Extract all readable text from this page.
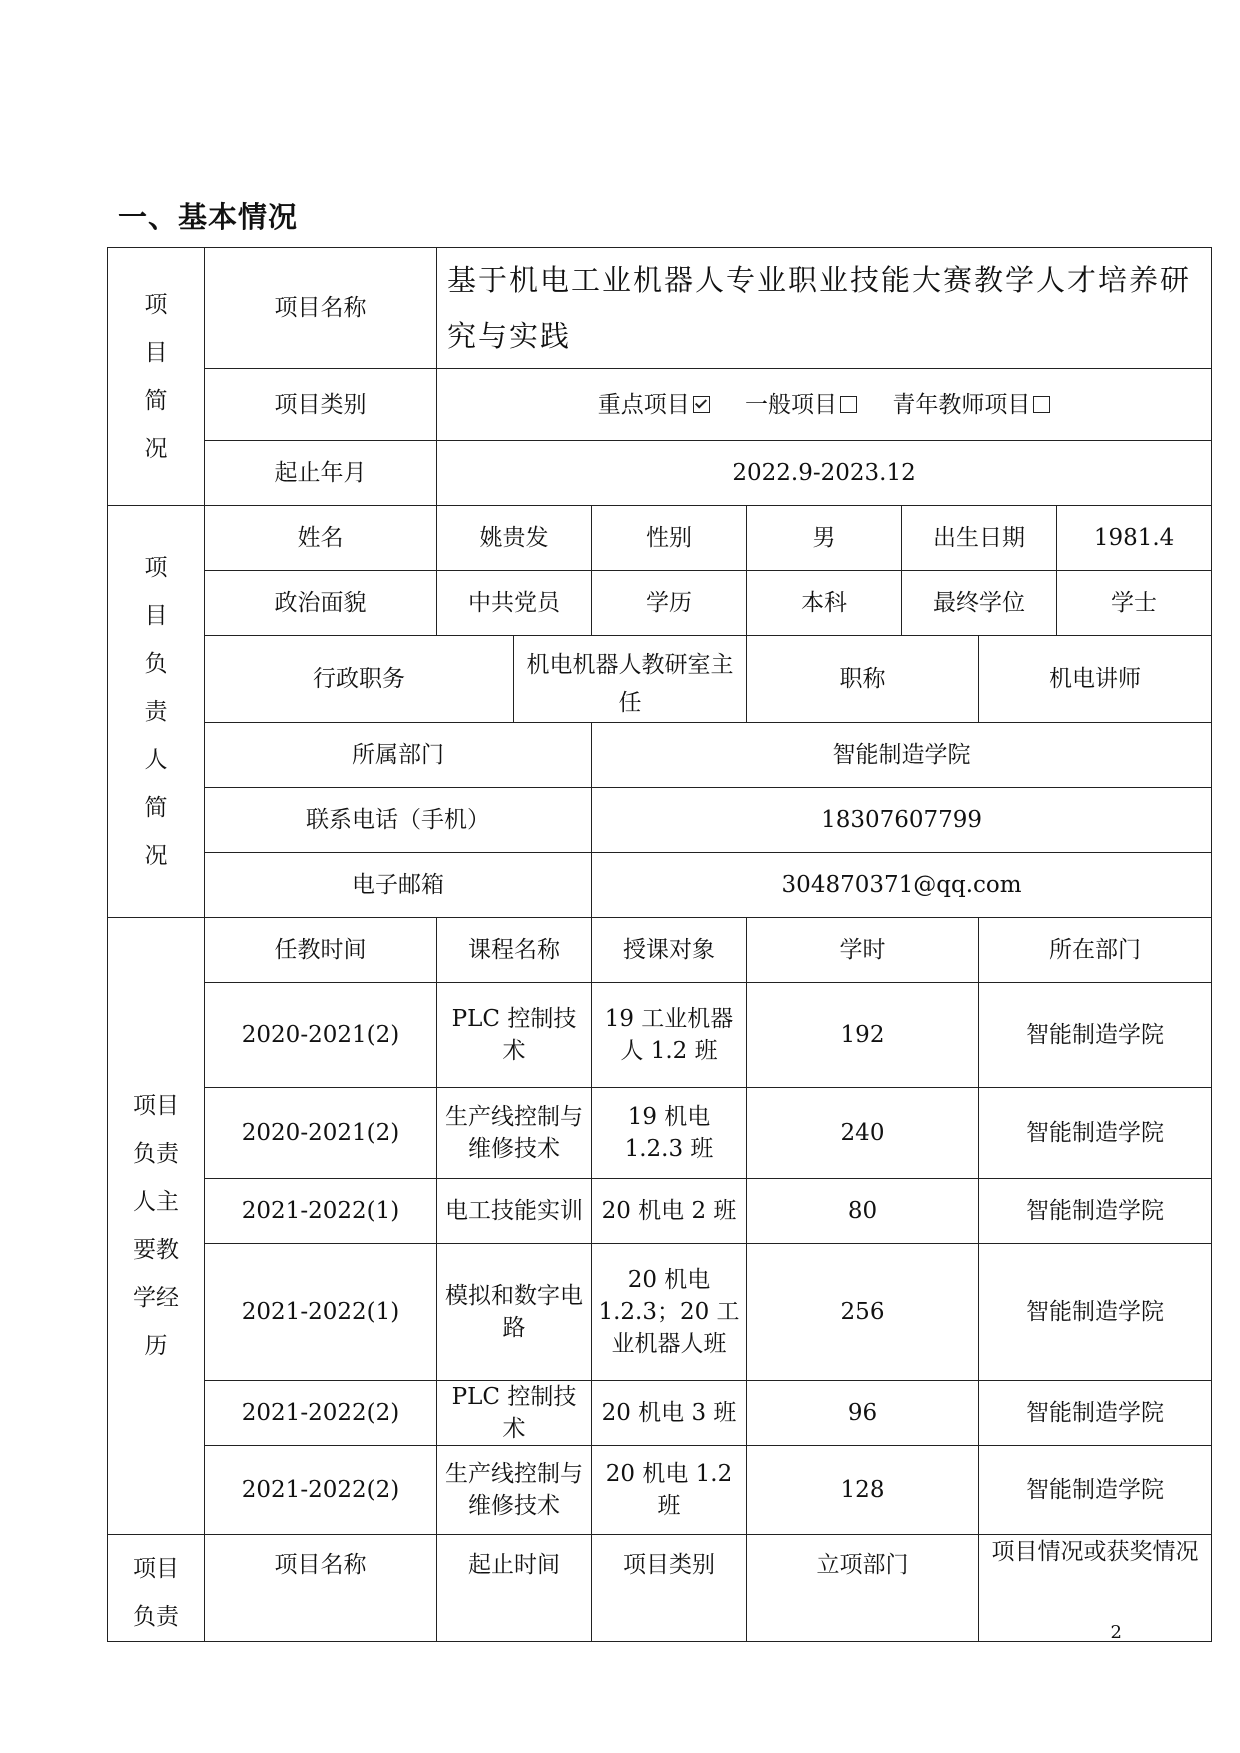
一、基本情况
项目简况	项目名称	基于机电工业机器人专业职业技能大赛教学人才培养研究与实践						
	项目类别	重点项目 一般项目 青年教师项目						
	起止年月	2022.9-2023.12						
项目负责人简况	姓名	姚贵发		性别	男	出生日期		1981.4
	政治面貌	中共党员		学历	本科	最终学位		学士
	行政职务		机电机器人教研室主任		职称		机电讲师	
	所属部门			智能制造学院				
	联系电话（手机）			18307607799				
	电子邮箱			304870371@qq.com				
项目负责人主要教学经历	任教时间	课程名称		授课对象	学时		所在部门	
	2020-2021(2)	PLC 控制技术		19 工业机器人 1.2 班	192		智能制造学院	
	2020-2021(2)	生产线控制与维修技术		19 机电 1.2.3 班	240		智能制造学院	
	2021-2022(1)	电工技能实训		20 机电 2 班	80		智能制造学院	
	2021-2022(1)	模拟和数字电路		20 机电 1.2.3；20 工业机器人班	256		智能制造学院	
	2021-2022(2)	PLC 控制技术		20 机电 3 班	96		智能制造学院	
	2021-2022(2)	生产线控制与维修技术		20 机电 1.2 班	128		智能制造学院	
项目负责	项目名称	起止时间		项目类别	立项部门		项目情况或获奖情况	
2
